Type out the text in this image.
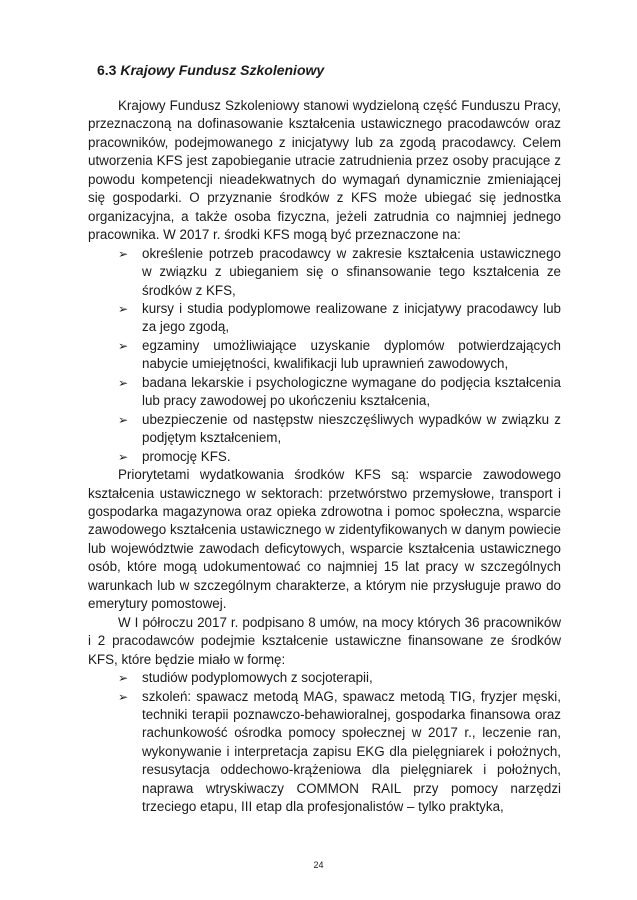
6.3 Krajowy Fundusz Szkoleniowy

Krajowy Fundusz Szkoleniowy stanowi wydzieloną część Funduszu Pracy, przeznaczoną na dofinasowanie kształcenia ustawicznego pracodawców oraz pracowników, podejmowanego z inicjatywy lub za zgodą pracodawcy. Celem utworzenia KFS jest zapobieganie utracie zatrudnienia przez osoby pracujące z powodu kompetencji nieadekwatnych do wymagań dynamicznie zmieniającej się gospodarki. O przyznanie środków z KFS może ubiegać się jednostka organizacyjna, a także osoba fizyczna, jeżeli zatrudnia co najmniej jednego pracownika. W 2017 r. środki KFS mogą być przeznaczone na:

➢ określenie potrzeb pracodawcy w zakresie kształcenia ustawicznego w związku z ubieganiem się o sfinansowanie tego kształcenia ze środków z KFS,
➢ kursy i studia podyplomowe realizowane z inicjatywy pracodawcy lub za jego zgodą,
➢ egzaminy umożliwiające uzyskanie dyplomów potwierdzających nabycie umiejętności, kwalifikacji lub uprawnień zawodowych,
➢ badana lekarskie i psychologiczne wymagane do podjęcia kształcenia lub pracy zawodowej po ukończeniu kształcenia,
➢ ubezpieczenie od następstw nieszczęśliwych wypadków w związku z podjętym kształceniem,
➢ promocję KFS.

Priorytetami wydatkowania środków KFS są: wsparcie zawodowego kształcenia ustawicznego w sektorach: przetwórstwo przemysłowe, transport i gospodarka magazynowa oraz opieka zdrowotna i pomoc społeczna, wsparcie zawodowego kształcenia ustawicznego w zidentyfikowanych w danym powiecie lub województwie zawodach deficytowych, wsparcie kształcenia ustawicznego osób, które mogą udokumentować co najmniej 15 lat pracy w szczególnych warunkach lub w szczególnym charakterze, a którym nie przysługuje prawo do emerytury pomostowej.

W I półroczu 2017 r. podpisano 8 umów, na mocy których 36 pracowników i 2 pracodawców podejmie kształcenie ustawiczne finansowane ze środków KFS, które będzie miało w formę:

➢ studiów podyplomowych z socjoterapii,
➢ szkoleń: spawacz metodą MAG, spawacz metodą TIG, fryzjer męski, techniki terapii poznawczo-behawioralnej, gospodarka finansowa oraz rachunkowość ośrodka pomocy społecznej w 2017 r., leczenie ran, wykonywanie i interpretacja zapisu EKG dla pielęgniarek i położnych, resusytacja oddechowo-krążeniowa dla pielęgniarek i położnych, naprawa wtryskiwaczy COMMON RAIL przy pomocy narzędzi trzeciego etapu, III etap dla profesjonalistów – tylko praktyka,
24
